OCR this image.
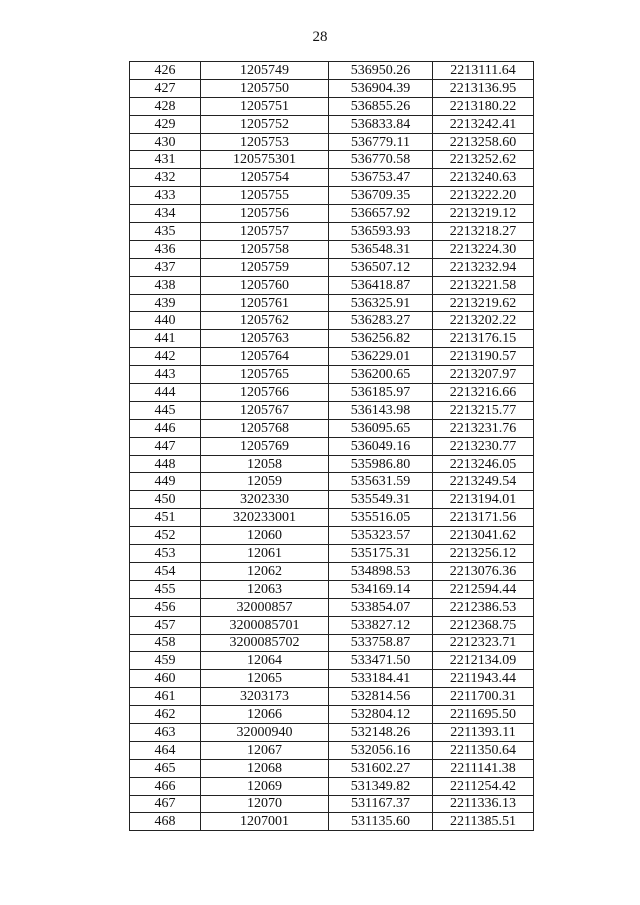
28
426	1205749	536950.26	2213111.64
427	1205750	536904.39	2213136.95
428	1205751	536855.26	2213180.22
429	1205752	536833.84	2213242.41
430	1205753	536779.11	2213258.60
431	120575301	536770.58	2213252.62
432	1205754	536753.47	2213240.63
433	1205755	536709.35	2213222.20
434	1205756	536657.92	2213219.12
435	1205757	536593.93	2213218.27
436	1205758	536548.31	2213224.30
437	1205759	536507.12	2213232.94
438	1205760	536418.87	2213221.58
439	1205761	536325.91	2213219.62
440	1205762	536283.27	2213202.22
441	1205763	536256.82	2213176.15
442	1205764	536229.01	2213190.57
443	1205765	536200.65	2213207.97
444	1205766	536185.97	2213216.66
445	1205767	536143.98	2213215.77
446	1205768	536095.65	2213231.76
447	1205769	536049.16	2213230.77
448	12058	535986.80	2213246.05
449	12059	535631.59	2213249.54
450	3202330	535549.31	2213194.01
451	320233001	535516.05	2213171.56
452	12060	535323.57	2213041.62
453	12061	535175.31	2213256.12
454	12062	534898.53	2213076.36
455	12063	534169.14	2212594.44
456	32000857	533854.07	2212386.53
457	3200085701	533827.12	2212368.75
458	3200085702	533758.87	2212323.71
459	12064	533471.50	2212134.09
460	12065	533184.41	2211943.44
461	3203173	532814.56	2211700.31
462	12066	532804.12	2211695.50
463	32000940	532148.26	2211393.11
464	12067	532056.16	2211350.64
465	12068	531602.27	2211141.38
466	12069	531349.82	2211254.42
467	12070	531167.37	2211336.13
468	1207001	531135.60	2211385.51
